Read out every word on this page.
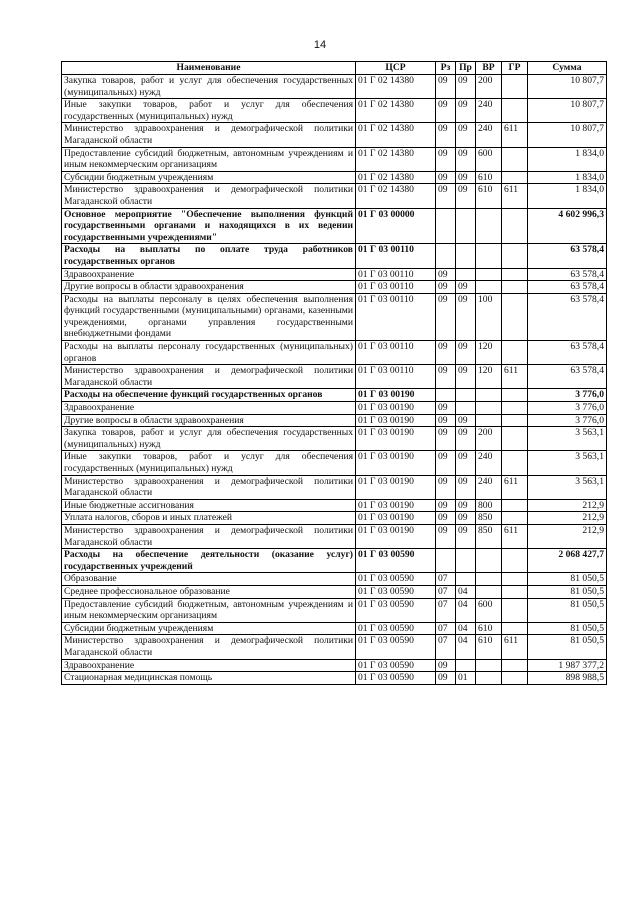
14
Наименование	ЦСР	Рз	Пр	ВР	ГР	Сумма
Закупка товаров, работ и услуг для обеспечения государственных (муниципальных) нужд	01 Г 02 14380	09	09	200		10 807,7
Иные закупки товаров, работ и услуг для обеспечения государственных (муниципальных) нужд	01 Г 02 14380	09	09	240		10 807,7
Министерство здравоохранения и демографической политики Магаданской области	01 Г 02 14380	09	09	240	611	10 807,7
Предоставление субсидий бюджетным, автономным учреждениям и иным некоммерческим организациям	01 Г 02 14380	09	09	600		1 834,0
Субсидии бюджетным учреждениям	01 Г 02 14380	09	09	610		1 834,0
Министерство здравоохранения и демографической политики Магаданской области	01 Г 02 14380	09	09	610	611	1 834,0
Основное мероприятие "Обеспечение выполнения функций государственными органами и находящихся в их ведении государственными учреждениями"	01 Г 03 00000					4 602 996,3
Расходы на выплаты по оплате труда работников государственных органов	01 Г 03 00110					63 578,4
Здравоохранение	01 Г 03 00110	09				63 578,4
Другие вопросы в области здравоохранения	01 Г 03 00110	09	09			63 578,4
Расходы на выплаты персоналу в целях обеспечения выполнения функций государственными (муниципальными) органами, казенными учреждениями, органами управления государственными внебюджетными фондами	01 Г 03 00110	09	09	100		63 578,4
Расходы на выплаты персоналу государственных (муниципальных) органов	01 Г 03 00110	09	09	120		63 578,4
Министерство здравоохранения и демографической политики Магаданской области	01 Г 03 00110	09	09	120	611	63 578,4
Расходы на обеспечение функций государственных органов	01 Г 03 00190					3 776,0
Здравоохранение	01 Г 03 00190	09				3 776,0
Другие вопросы в области здравоохранения	01 Г 03 00190	09	09			3 776,0
Закупка товаров, работ и услуг для обеспечения государственных (муниципальных) нужд	01 Г 03 00190	09	09	200		3 563,1
Иные закупки товаров, работ и услуг для обеспечения государственных (муниципальных) нужд	01 Г 03 00190	09	09	240		3 563,1
Министерство здравоохранения и демографической политики Магаданской области	01 Г 03 00190	09	09	240	611	3 563,1
Иные бюджетные ассигнования	01 Г 03 00190	09	09	800		212,9
Уплата налогов, сборов и иных платежей	01 Г 03 00190	09	09	850		212,9
Министерство здравоохранения и демографической политики Магаданской области	01 Г 03 00190	09	09	850	611	212,9
Расходы на обеспечение деятельности (оказание услуг) государственных учреждений	01 Г 03 00590					2 068 427,7
Образование	01 Г 03 00590	07				81 050,5
Среднее профессиональное образование	01 Г 03 00590	07	04			81 050,5
Предоставление субсидий бюджетным, автономным учреждениям и иным некоммерческим организациям	01 Г 03 00590	07	04	600		81 050,5
Субсидии бюджетным учреждениям	01 Г 03 00590	07	04	610		81 050,5
Министерство здравоохранения и демографической политики Магаданской области	01 Г 03 00590	07	04	610	611	81 050,5
Здравоохранение	01 Г 03 00590	09				1 987 377,2
Стационарная медицинская помощь	01 Г 03 00590	09	01			898 988,5
